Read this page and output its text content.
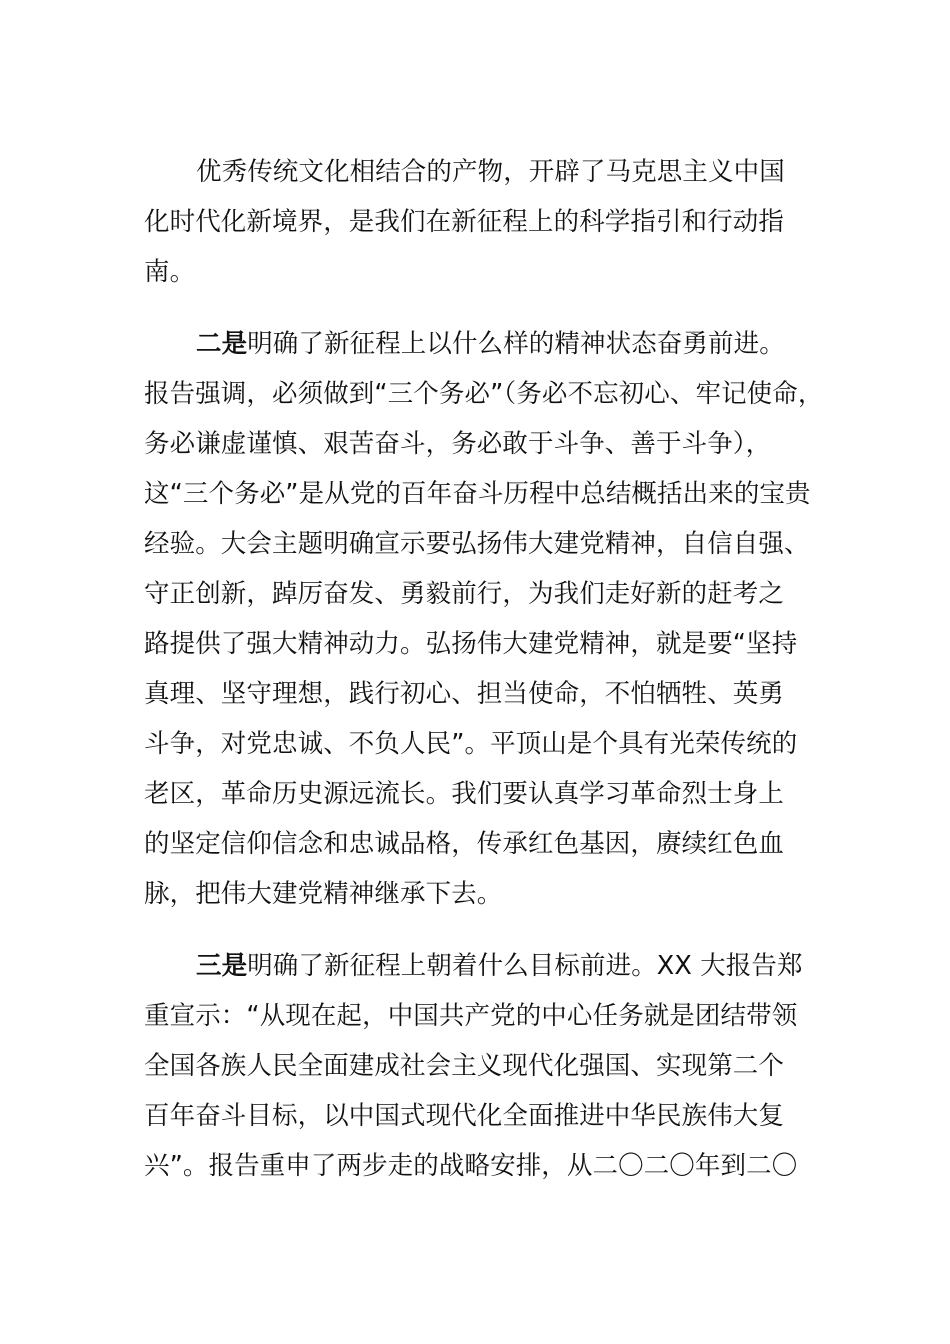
优秀传统文化相结合的产物，开辟了马克思主义中国
化时代化新境界，是我们在新征程上的科学指引和行动指
南。

二是明确了新征程上以什么样的精神状态奋勇前进。
报告强调，必须做到“三个务必”（务必不忘初心、牢记使命，
务必谦虚谨慎、艰苦奋斗，务必敢于斗争、善于斗争），
这“三个务必”是从党的百年奋斗历程中总结概括出来的宝贵
经验。大会主题明确宣示要弘扬伟大建党精神，自信自强、
守正创新，踔厉奋发、勇毅前行，为我们走好新的赶考之
路提供了强大精神动力。弘扬伟大建党精神，就是要“坚持
真理、坚守理想，践行初心、担当使命，不怕牺牲、英勇
斗争，对党忠诚、不负人民”。平顶山是个具有光荣传统的
老区，革命历史源远流长。我们要认真学习革命烈士身上
的坚定信仰信念和忠诚品格，传承红色基因，赓续红色血
脉，把伟大建党精神继承下去。

三是明确了新征程上朝着什么目标前进。XX 大报告郑
重宣示：“从现在起，中国共产党的中心任务就是团结带领
全国各族人民全面建成社会主义现代化强国、实现第二个
百年奋斗目标，以中国式现代化全面推进中华民族伟大复
兴”。报告重申了两步走的战略安排，从二〇二〇年到二〇
